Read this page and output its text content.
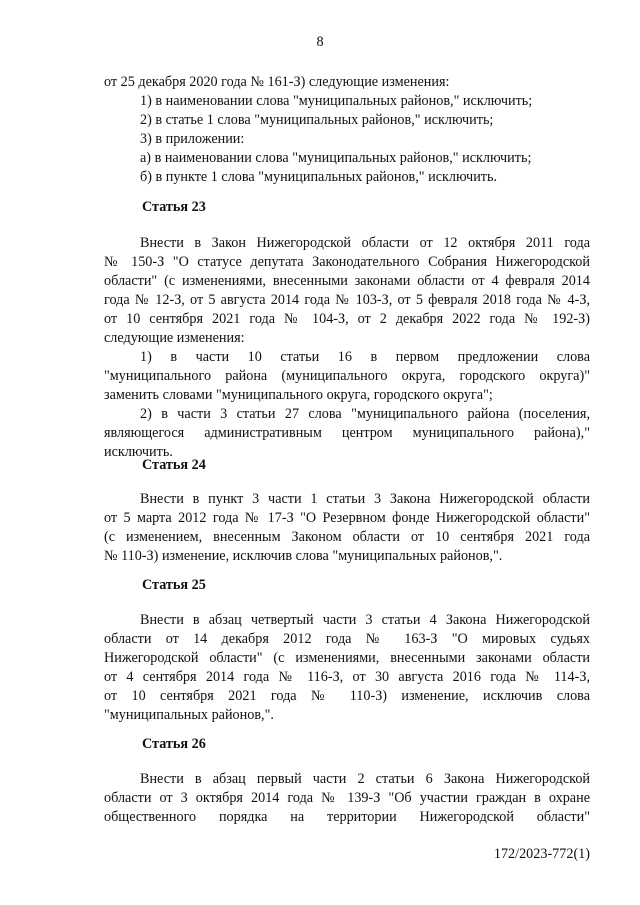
8
от 25 декабря 2020 года № 161-З) следующие изменения:
1) в наименовании слова "муниципальных районов," исключить;
2) в статье 1 слова "муниципальных районов," исключить;
3) в приложении:
а) в наименовании слова "муниципальных районов," исключить;
б) в пункте 1 слова "муниципальных районов," исключить.
Статья 23
Внести в Закон Нижегородской области от 12 октября 2011 года
№ 150-З "О статусе депутата Законодательного Собрания Нижегородской
области" (с изменениями, внесенными законами области от 4 февраля 2014
года № 12-З, от 5 августа 2014 года № 103-З, от 5 февраля 2018 года № 4-З,
от 10 сентября 2021 года № 104-З, от 2 декабря 2022 года № 192-З)
следующие изменения:
1) в части 10 статьи 16 в первом предложении слова
"муниципального района (муниципального округа, городского округа)"
заменить словами "муниципального округа, городского округа";
2) в части 3 статьи 27 слова "муниципального района (поселения,
являющегося административным центром муниципального района),"
исключить.
Статья 24
Внести в пункт 3 части 1 статьи 3 Закона Нижегородской области
от 5 марта 2012 года № 17-З "О Резервном фонде Нижегородской области"
(с изменением, внесенным Законом области от 10 сентября 2021 года
№ 110-З) изменение, исключив слова "муниципальных районов,".
Статья 25
Внести в абзац четвертый части 3 статьи 4 Закона Нижегородской
области от 14 декабря 2012 года № 163-З "О мировых судьях
Нижегородской области" (с изменениями, внесенными законами области
от 4 сентября 2014 года № 116-З, от 30 августа 2016 года № 114-З,
от 10 сентября 2021 года № 110-З) изменение, исключив слова
"муниципальных районов,".
Статья 26
Внести в абзац первый части 2 статьи 6 Закона Нижегородской
области от 3 октября 2014 года № 139-З "Об участии граждан в охране
общественного порядка на территории Нижегородской области"
172/2023-772(1)
